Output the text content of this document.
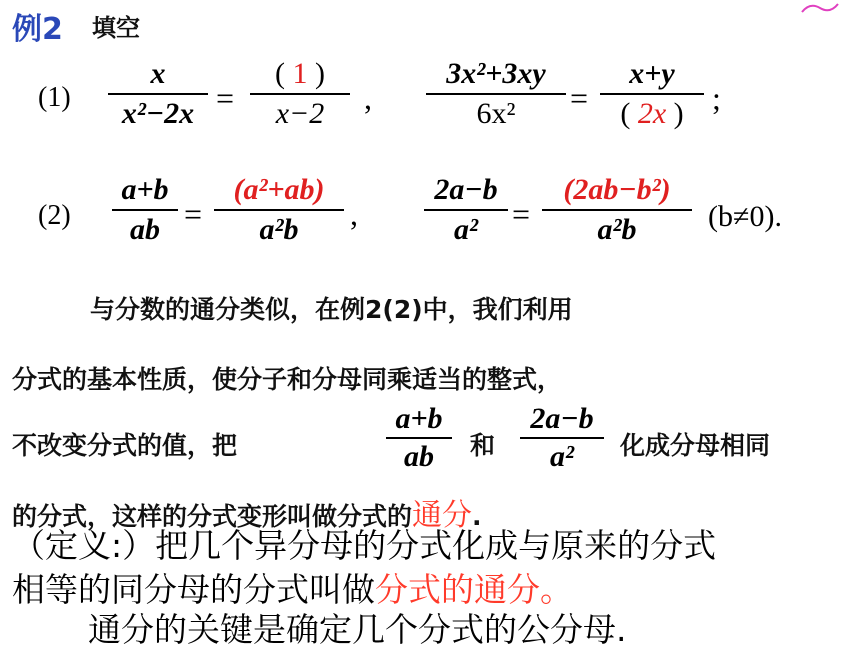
例2 填空
(1)
x
x²−2x =
( 1 )
x−2 ,
3x²+3xy
6x² =
x+y
( 2x ) ;
(2)
a+b
ab =
(a²+ab)
a²b ,
2a−b
a² =
(2ab−b²)
a²b (b≠0).
与分数的通分类似，在例2(2)中，我们利用
分式的基本性质，使分子和分母同乘适当的整式，
不改变分式的值，把
a+b
ab 和
2a−b
a² 化成分母相同
的分式，这样的分式变形叫做分式的通分.
（定义:）把几个异分母的分式化成与原来的分式
相等的同分母的分式叫做分式的通分。
通分的关键是确定几个分式的公分母.
